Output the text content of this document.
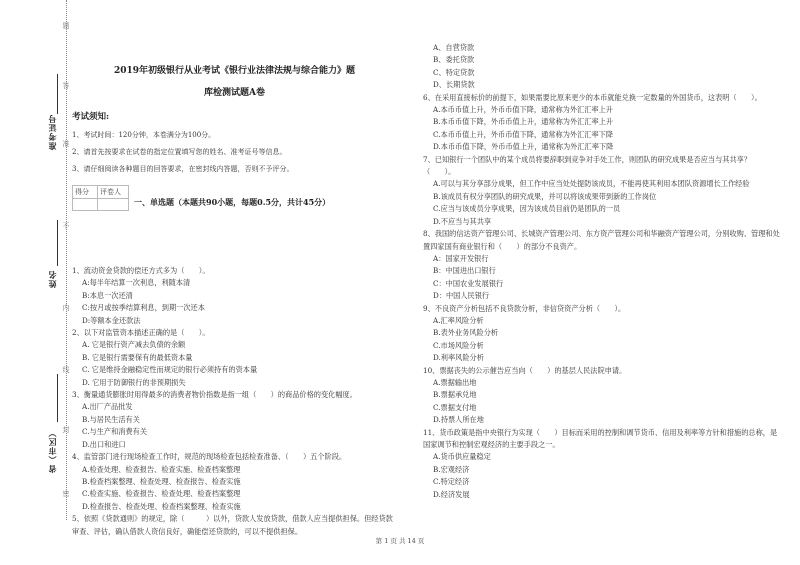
题
答
准
不
内
线
封
密
准考证号
姓名
省（市区）

2019年初级银行从业考试《银行业法律法规与综合能力》题

库检测试题A卷

考试须知:
1、考试时间：120分钟，本卷满分为100分。
2、请首先按要求在试卷的指定位置填写您的姓名、准考证号等信息。
3、请仔细阅读各种题目的回答要求，在密封线内答题，否则不予评分。
得分	评卷人

一、单选题（本题共90小题，每题0.5分，共计45分）

1、流动资金贷款的偿还方式多为（　　）。

A:每半年结算一次利息，利随本清

B:本息一次还清

C:按月或按季结算利息，到期一次还本

D:等额本金还款法

2、以下对监管资本描述正确的是（　　）。

A. 它是银行资产减去负债的余额

B. 它是银行需要保有的最低资本量

C. 它是维持金融稳定性而规定的银行必须持有的资本量

D. 它用于防御银行的非预期损失

3、衡量通货膨胀时用得最多的消费者物价指数是指一组（　　）的商品价格的变化幅度。

A.出厂产品批发

B.与居民生活有关

C.与生产和消费有关

D.出口和进口

4、监管部门进行现场检查工作时，规范的现场检查包括检查准备、（　　）五个阶段。

A.检查处理、检查报告、检查实施、检查档案整理

B.检查档案整理、检查处理、检查报告、检查实施

C.检查实施、检查报告、检查处理、检查档案整理

D.检查报告、检查处理、检查档案整理、检查实施

5、依照《贷款通则》的规定，除（　　　）以外，贷款人发放贷款，借款人应当提供担保。但经贷款审查、评估，确认借款人资信良好，确能偿还贷款的，可以不提供担保。

A、自营贷款

B、委托贷款

C、特定贷款

D、长期贷款

6、在采用直接标价的前提下，如果需要比原来更少的本币就能兑换一定数量的外国货币，这表明（　　）。

A.本币币值上升，外币币值下降，通常称为外汇汇率上升

B.本币币值下降，外币币值上升，通常称为外汇汇率上升

C.本币币值上升，外币币值下降，通常称为外汇汇率下降

D.本币币值下降，外币币值上升，通常称为外汇汇率下降

7、已知银行一个团队中的某个成员将要辞职到竞争对手处工作，则团队的研究成果是否应当与其共享？（　　）。

A.可以与其分享部分成果，但工作中应当处处提防该成员，不能再使其利用本团队资源增长工作经验

B.该成员有权分享团队的研究成果，并可以将该成果带到新的工作岗位

C.应当与该成员分享成果，因为该成员目前仍是团队的一员

D.不应当与其共享

8、我国的信达资产管理公司、长城资产管理公司、东方资产管理公司和华融资产管理公司，分别收购、管理和处置四家国有商业银行和（　　）的部分不良资产。

A：国家开发银行

B：中国进出口银行

C：中国农业发展银行

D：中国人民银行

9、不良资产分析包括不良贷款分析，非信贷资产分析（　　）。

A.汇率风险分析

B.表外业务风险分析

C.市场风险分析

D.利率风险分析

10、票据丧失的公示催告应当向（　　）的基层人民法院申请。

A.票据输出地

B.票据承兑地

C.票据支付地

D.持票人所在地

11、货币政策是指中央银行为实现（　　）目标而采用的控制和调节货币、信用及利率等方针和措施的总称，是国家调节和控制宏观经济的主要手段之一。

A.货币供应量稳定

B.宏观经济

C.特定经济

D.经济发展

第 1 页 共 14 页
